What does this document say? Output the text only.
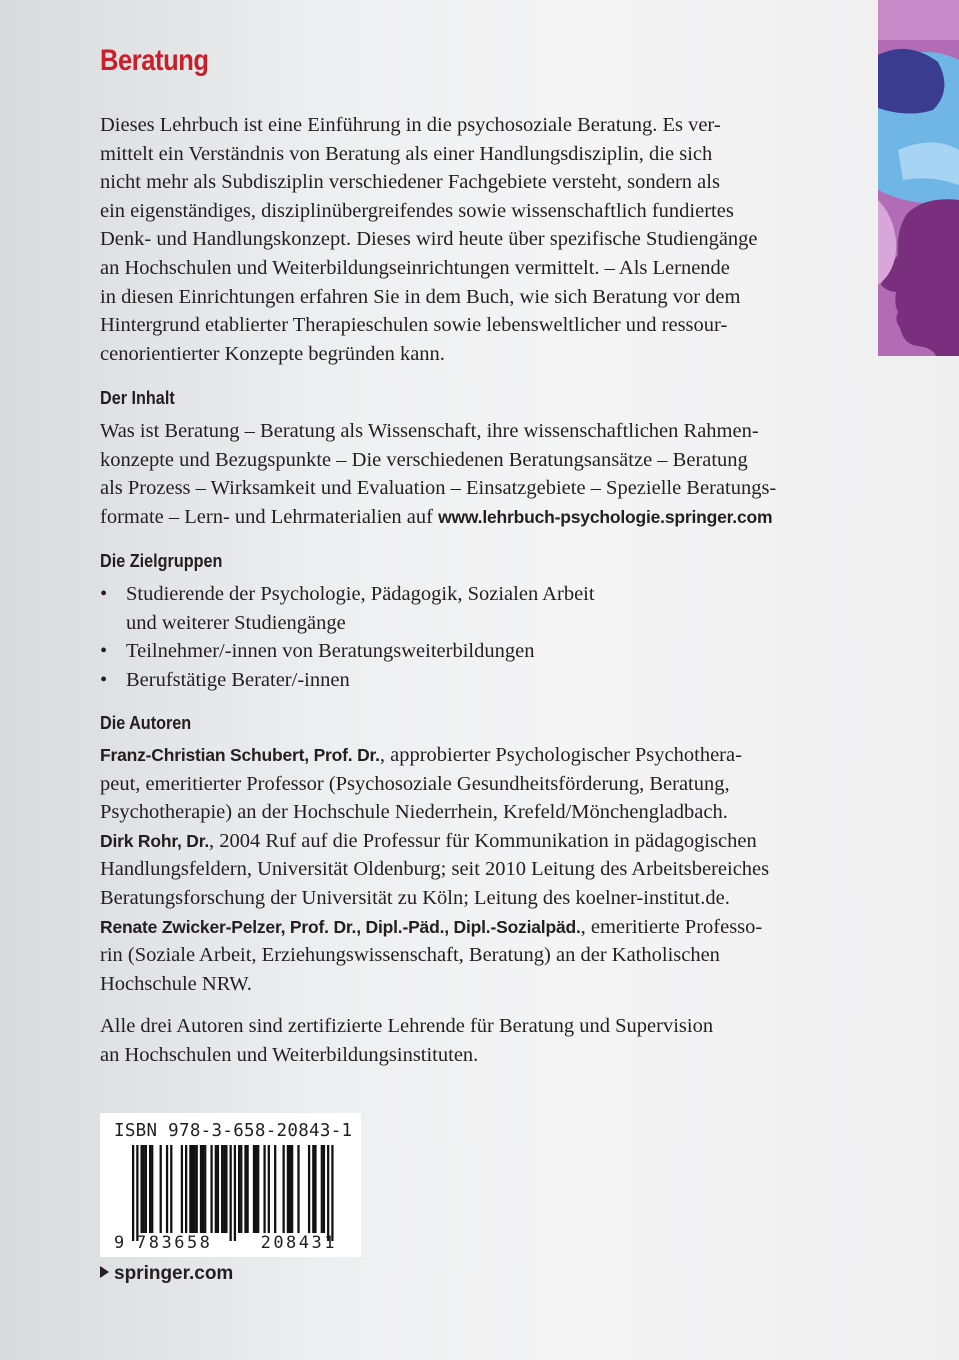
Beratung
Dieses Lehrbuch ist eine Einführung in die psychosoziale Beratung. Es ver-
mittelt ein Verständnis von Beratung als einer Handlungsdisziplin, die sich
nicht mehr als Subdisziplin verschiedener Fachgebiete versteht, sondern als
ein eigenständiges, disziplinübergreifendes sowie wissenschaftlich fundiertes
Denk- und Handlungskonzept. Dieses wird heute über spezifische Studiengänge
an Hochschulen und Weiterbildungseinrichtungen vermittelt. – Als Lernende
in diesen Einrichtungen erfahren Sie in dem Buch, wie sich Beratung vor dem
Hintergrund etablierter Therapieschulen sowie lebensweltlicher und ressour-
cenorientierter Konzepte begründen kann.
Der Inhalt
Was ist Beratung – Beratung als Wissenschaft, ihre wissenschaftlichen Rahmen-
konzepte und Bezugspunkte – Die verschiedenen Beratungsansätze – Beratung
als Prozess – Wirksamkeit und Evaluation – Einsatzgebiete – Spezielle Beratungs-
formate – Lern- und Lehrmaterialien auf www.lehrbuch-psychologie.springer.com
Die Zielgruppen
• Studierende der Psychologie, Pädagogik, Sozialen Arbeit
und weiterer Studiengänge
• Teilnehmer/-innen von Beratungsweiterbildungen
• Berufstätige Berater/-innen
Die Autoren
Franz-Christian Schubert, Prof. Dr., approbierter Psychologischer Psychothera-
peut, emeritierter Professor (Psychosoziale Gesundheitsförderung, Beratung,
Psychotherapie) an der Hochschule Niederrhein, Krefeld/Mönchengladbach.
Dirk Rohr, Dr., 2004 Ruf auf die Professur für Kommunikation in pädagogischen
Handlungsfeldern, Universität Oldenburg; seit 2010 Leitung des Arbeitsbereiches
Beratungsforschung der Universität zu Köln; Leitung des koelner-institut.de.
Renate Zwicker-Pelzer, Prof. Dr., Dipl.-Päd., Dipl.-Sozialpäd., emeritierte Professo-
rin (Soziale Arbeit, Erziehungswissenschaft, Beratung) an der Katholischen
Hochschule NRW.
Alle drei Autoren sind zertifizierte Lehrende für Beratung und Supervision
an Hochschulen und Weiterbildungsinstituten.
ISBN 978-3-658-20843-1
9 783658	208431
springer.com
